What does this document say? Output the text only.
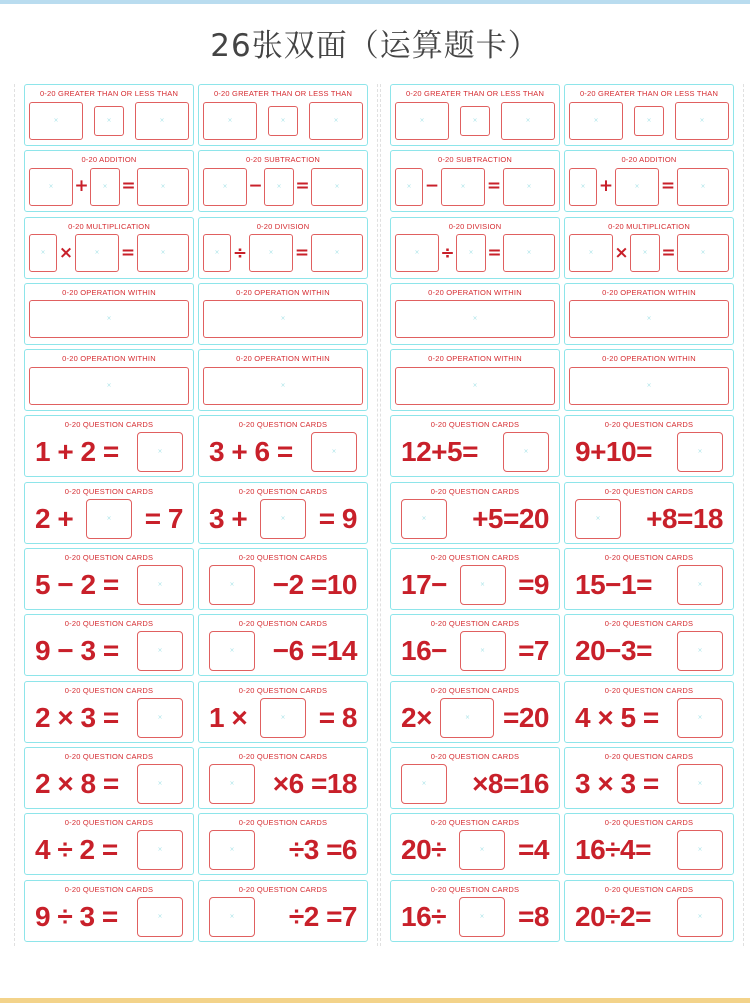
26张双面（运算题卡）
0-20 GREATER THAN OR LESS THAN
×
×
×	0-20 GREATER THAN OR LESS THAN
×
×
×
0-20 ADDITION
×
+ × =
×
0-20 SUBTRACTION
×
− × =
×
0-20 MULTIPLICATION
×
× ×	=
×
0-20 DIVISION
×
÷ ×	=
×
0-20 OPERATION WITHIN
×	0-20 OPERATION WITHIN
×
0-20 OPERATION WITHIN
×	0-20 OPERATION WITHIN
×
0-20 QUESTION CARDS
1 + 2 =
×
0-20 QUESTION CARDS
3 + 6 =
×
0-20 QUESTION CARDS
2 + ×	= 7
0-20 QUESTION CARDS
3 + ×	= 9
0-20 QUESTION CARDS
5 − 2 =
×
0-20 QUESTION CARDS
×
−2 =10
0-20 QUESTION CARDS
9 − 3 =
×
0-20 QUESTION CARDS
×
−6 =14
0-20 QUESTION CARDS
2 × 3 =
×
0-20 QUESTION CARDS
1 × ×	= 8
0-20 QUESTION CARDS
2 × 8 =
×
0-20 QUESTION CARDS
×
×6 =18
0-20 QUESTION CARDS
4 ÷ 2 =
×
0-20 QUESTION CARDS
×
÷3 =6
0-20 QUESTION CARDS
9 ÷ 3 =
×
0-20 QUESTION CARDS
×
÷2 =7
0-20 GREATER THAN OR LESS THAN
×
×
×	0-20 GREATER THAN OR LESS THAN
×
×
×
0-20 SUBTRACTION
×
− ×	=
×
0-20 ADDITION
×
+ ×	=
×
0-20 DIVISION
×
÷ × =
×
0-20 MULTIPLICATION
×
× × =
×
0-20 OPERATION WITHIN
×	0-20 OPERATION WITHIN
×
0-20 OPERATION WITHIN
×	0-20 OPERATION WITHIN
×
0-20 QUESTION CARDS
12+5=
×
0-20 QUESTION CARDS
9+10=
×
0-20 QUESTION CARDS
×
+5=20
0-20 QUESTION CARDS
×
+8=18
0-20 QUESTION CARDS
17− ×	=9
0-20 QUESTION CARDS
15−1=
×
0-20 QUESTION CARDS
16− ×	=7
0-20 QUESTION CARDS
20−3=
×
0-20 QUESTION CARDS
2× ×	=20
0-20 QUESTION CARDS
4 × 5 =
×
0-20 QUESTION CARDS
×
×8=16
0-20 QUESTION CARDS
3 × 3 =
×
0-20 QUESTION CARDS
20÷ ×	=4
0-20 QUESTION CARDS
16÷4=
×
0-20 QUESTION CARDS
16÷ ×	=8
0-20 QUESTION CARDS
20÷2=
×
